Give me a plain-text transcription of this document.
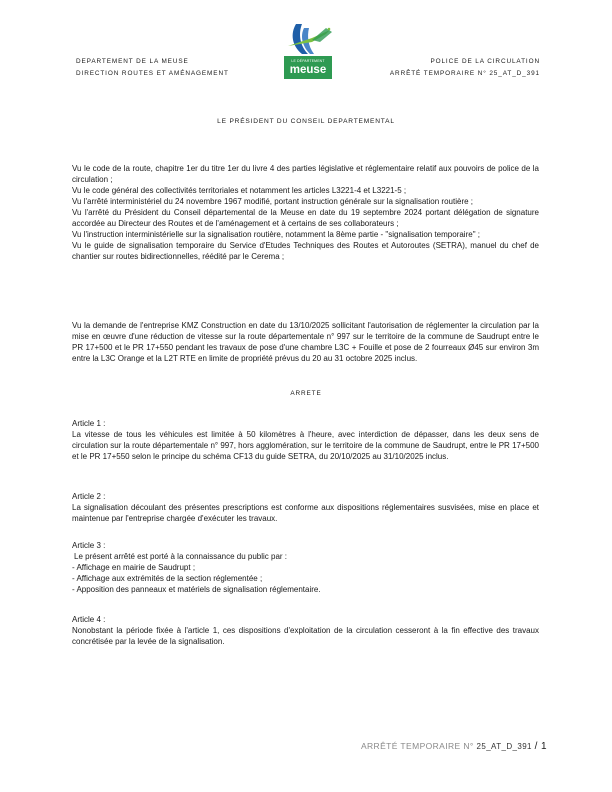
DEPARTEMENT DE LA MEUSE
DIRECTION ROUTES ET AMÉNAGEMENT
LE DÉPARTEMENT
meuse
POLICE DE LA CIRCULATION
ARRÊTÉ TEMPORAIRE N° 25_AT_D_391
LE PRÉSIDENT DU CONSEIL DEPARTEMENTAL

Vu le code de la route, chapitre 1er du titre 1er du livre 4 des parties législative et réglementaire relatif aux pouvoirs de police de la circulation ;

Vu le code général des collectivités territoriales et notamment les articles L3221-4 et L3221-5 ;

Vu l'arrêté interministériel du 24 novembre 1967 modifié, portant instruction générale sur la signalisation routière ;

Vu l'arrêté du Président du Conseil départemental de la Meuse en date du 19 septembre 2024 portant délégation de signature accordée au Directeur des Routes et de l'aménagement et à certains de ses collaborateurs ;

Vu l'instruction interministérielle sur la signalisation routière, notamment la 8ème partie - "signalisation temporaire" ;

Vu le guide de signalisation temporaire du Service d'Etudes Techniques des Routes et Autoroutes (SETRA), manuel du chef de chantier sur routes bidirectionnelles, réédité par le Cerema ;

Vu la demande de l'entreprise KMZ Construction en date du 13/10/2025 sollicitant l'autorisation de réglementer la circulation par la mise en œuvre d'une réduction de vitesse sur la route départementale n° 997 sur le territoire de la commune de Saudrupt entre le PR 17+500 et le PR 17+550 pendant les travaux de pose d'une chambre L3C + Fouille et pose de 2 fourreaux Ø45 sur environ 3m entre la L3C Orange et la L2T RTE en limite de propriété prévus du 20 au 31 octobre 2025 inclus.

ARRETE

Article 1 :

La vitesse de tous les véhicules est limitée à 50 kilomètres à l'heure, avec interdiction de dépasser, dans les deux sens de circulation sur la route départementale n° 997, hors agglomération, sur le territoire de la commune de Saudrupt, entre le PR 17+500 et le PR 17+550 selon le principe du schéma CF13 du guide SETRA, du 20/10/2025 au 31/10/2025 inclus.

Article 2 :

La signalisation découlant des présentes prescriptions est conforme aux dispositions réglementaires susvisées, mise en place et maintenue par l'entreprise chargée d'exécuter les travaux.

Article 3 :

Le présent arrêté est porté à la connaissance du public par :

- Affichage en mairie de Saudrupt ;

- Affichage aux extrémités de la section réglementée ;

- Apposition des panneaux et matériels de signalisation réglementaire.

Article 4 :

Nonobstant la période fixée à l'article 1, ces dispositions d'exploitation de la circulation cesseront à la fin effective des travaux concrétisée par la levée de la signalisation.

ARRÊTÉ TEMPORAIRE N° 25_AT_D_391 / 1
